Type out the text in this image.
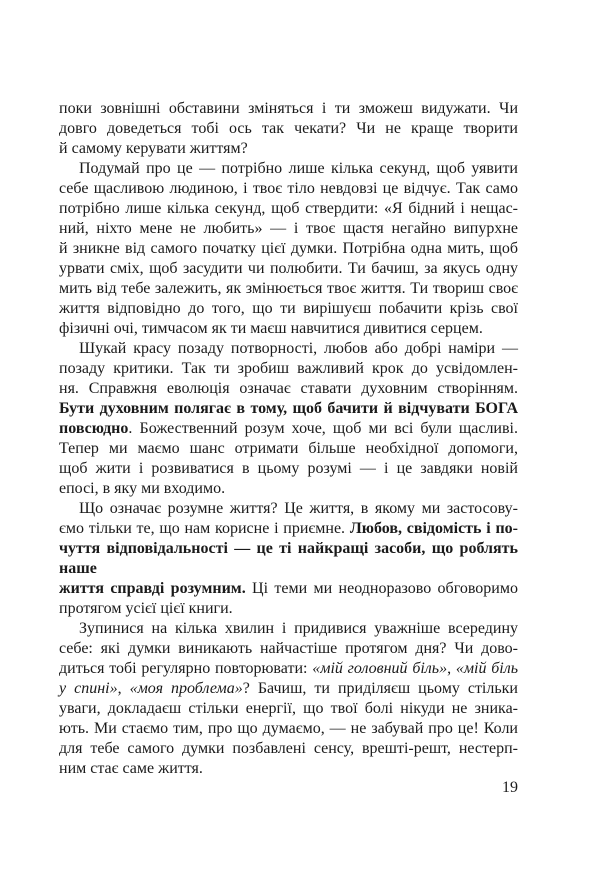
поки зовнішні обставини зміняться і ти зможеш видужати. Чи
довго доведеться тобі ось так чекати? Чи не краще творити
й самому керувати життям?
Подумай про це — потрібно лише кілька секунд, щоб уявити
себе щасливою людиною, і твоє тіло невдовзі це відчує. Так само
потрібно лише кілька секунд, щоб ствердити: «Я бідний і нещас-
ний, ніхто мене не любить» — і твоє щастя негайно випурхне
й зникне від самого початку цієї думки. Потрібна одна мить, щоб
урвати сміх, щоб засудити чи полюбити. Ти бачиш, за якусь одну
мить від тебе залежить, як змінюється твоє життя. Ти твориш своє
життя відповідно до того, що ти вирішуєш побачити крізь свої
фізичні очі, тимчасом як ти маєш навчитися дивитися серцем.
Шукай красу позаду потворності, любов або добрі наміри —
позаду критики. Так ти зробиш важливий крок до усвідомлен-
ня. Справжня еволюція означає ставати духовним створінням.
Бути духовним полягає в тому, щоб бачити й відчувати БОГА
повсюдно. Божественний розум хоче, щоб ми всі були щасливі.
Тепер ми маємо шанс отримати більше необхідної допомоги,
щоб жити і розвиватися в цьому розумі — і це завдяки новій
епосі, в яку ми входимо.
Що означає розумне життя? Це життя, в якому ми застосову-
ємо тільки те, що нам корисне і приємне. Любов, свідомість і по-
чуття відповідальності — це ті найкращі засоби, що роблять наше
життя справді розумним. Ці теми ми неодноразово обговоримо
протягом усієї цієї книги.
Зупинися на кілька хвилин і придивися уважніше всередину
себе: які думки виникають найчастіше протягом дня? Чи дово-
диться тобі регулярно повторювати: «мій головний біль», «мій біль
у спині», «моя проблема»? Бачиш, ти приділяєш цьому стільки
уваги, докладаєш стільки енергії, що твої болі нікуди не зника-
ють. Ми стаємо тим, про що думаємо, — не забувай про це! Коли
для тебе самого думки позбавлені сенсу, врешті-решт, нестерп-
ним стає саме життя.
19
